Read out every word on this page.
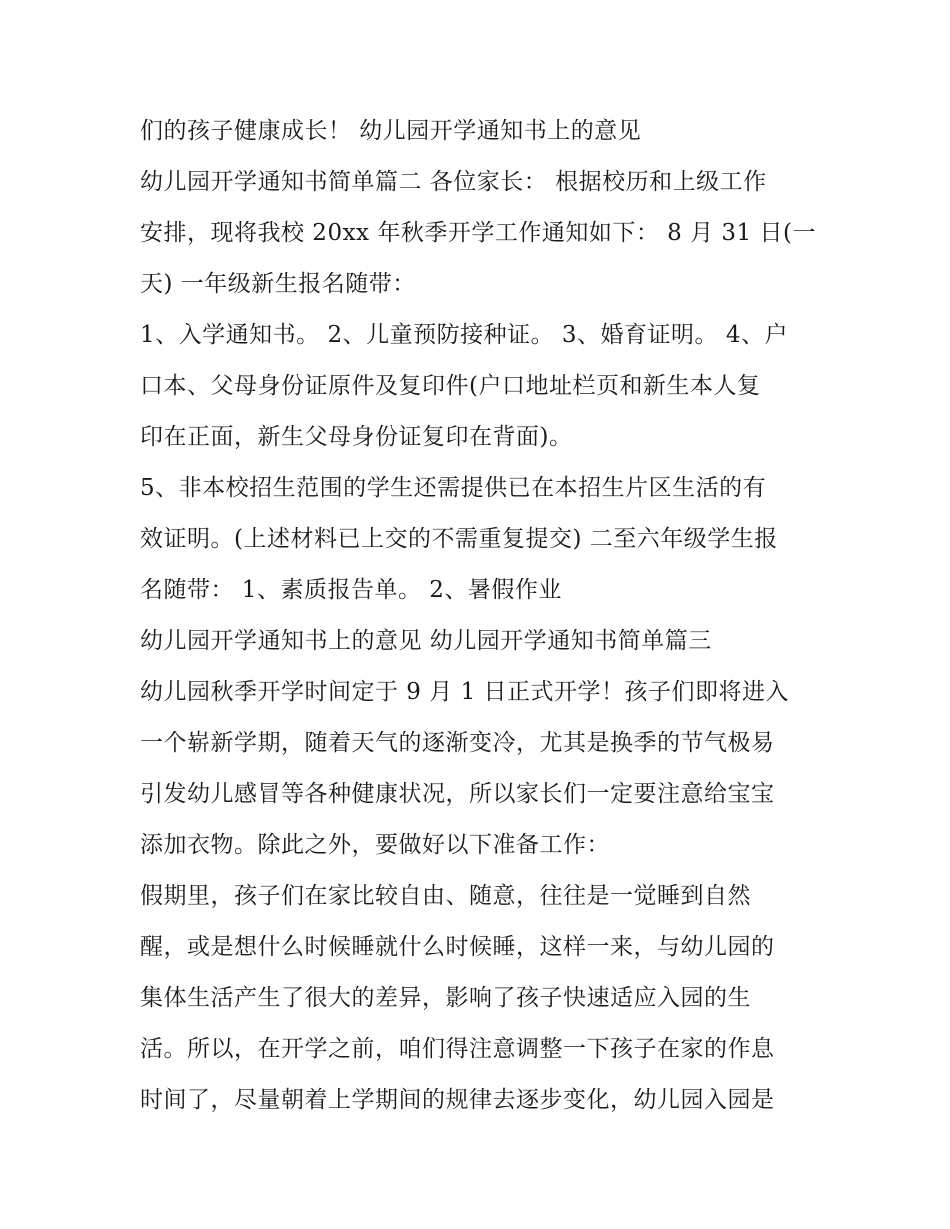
们的孩子健康成长！ 幼儿园开学通知书上的意见
幼儿园开学通知书简单篇二 各位家长： 根据校历和上级工作
安排，现将我校 20xx 年秋季开学工作通知如下： 8 月 31 日(一
天) 一年级新生报名随带：
1、入学通知书。 2、儿童预防接种证。 3、婚育证明。 4、户
口本、父母身份证原件及复印件(户口地址栏页和新生本人复
印在正面，新生父母身份证复印在背面)。
5、非本校招生范围的学生还需提供已在本招生片区生活的有
效证明。(上述材料已上交的不需重复提交) 二至六年级学生报
名随带： 1、素质报告单。 2、暑假作业
幼儿园开学通知书上的意见 幼儿园开学通知书简单篇三
幼儿园秋季开学时间定于 9 月 1 日正式开学！孩子们即将进入
一个崭新学期，随着天气的逐渐变冷，尤其是换季的节气极易
引发幼儿感冒等各种健康状况，所以家长们一定要注意给宝宝
添加衣物。除此之外，要做好以下准备工作：
假期里，孩子们在家比较自由、随意，往往是一觉睡到自然
醒，或是想什么时候睡就什么时候睡，这样一来，与幼儿园的
集体生活产生了很大的差异，影响了孩子快速适应入园的生
活。所以，在开学之前，咱们得注意调整一下孩子在家的作息
时间了，尽量朝着上学期间的规律去逐步变化，幼儿园入园是
